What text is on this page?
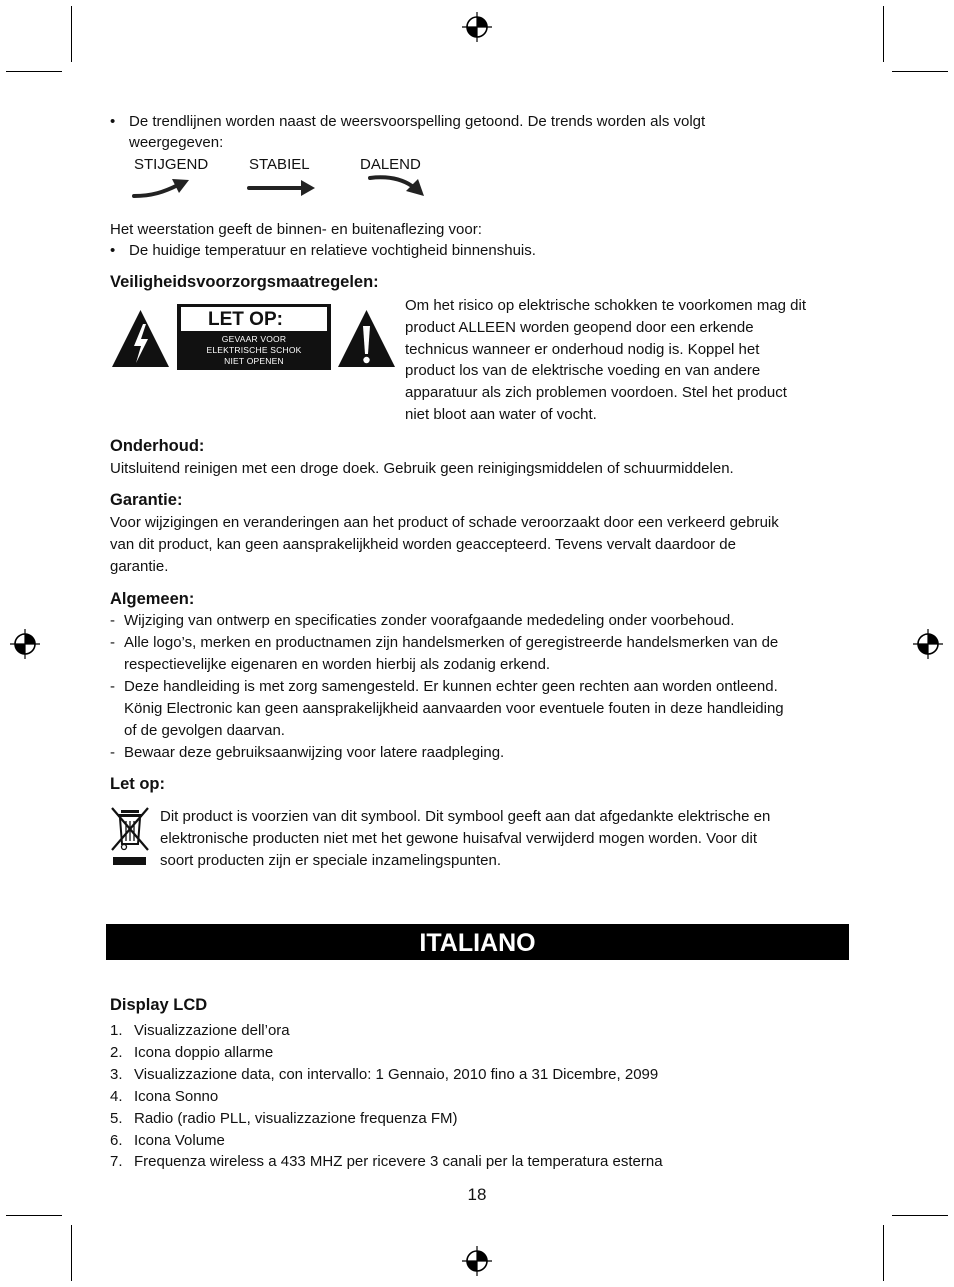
• De trendlijnen worden naast de weersvoorspelling getoond. De trends worden als volgt
weergegeven:
STIJGEND	STABIEL	DALEND
Het weerstation geeft de binnen- en buitenaflezing voor:
• De huidige temperatuur en relatieve vochtigheid binnenshuis.
Veiligheidsvoorzorgsmaatregelen:
LET OP:
GEVAAR VOOR
ELEKTRISCHE SCHOK
NIET OPENEN
Om het risico op elektrische schokken te voorkomen mag dit
product ALLEEN worden geopend door een erkende
technicus wanneer er onderhoud nodig is. Koppel het
product los van de elektrische voeding en van andere
apparatuur als zich problemen voordoen. Stel het product
niet bloot aan water of vocht.
Onderhoud:
Uitsluitend reinigen met een droge doek. Gebruik geen reinigingsmiddelen of schuurmiddelen.
Garantie:
Voor wijzigingen en veranderingen aan het product of schade veroorzaakt door een verkeerd gebruik
van dit product, kan geen aansprakelijkheid worden geaccepteerd. Tevens vervalt daardoor de
garantie.
Algemeen:
- Wijziging van ontwerp en specificaties zonder voorafgaande mededeling onder voorbehoud.
- Alle logo’s, merken en productnamen zijn handelsmerken of geregistreerde handelsmerken van de
respectievelijke eigenaren en worden hierbij als zodanig erkend.
- Deze handleiding is met zorg samengesteld. Er kunnen echter geen rechten aan worden ontleend.
König Electronic kan geen aansprakelijkheid aanvaarden voor eventuele fouten in deze handleiding
of de gevolgen daarvan.
- Bewaar deze gebruiksaanwijzing voor latere raadpleging.
Let op:
Dit product is voorzien van dit symbool. Dit symbool geeft aan dat afgedankte elektrische en
elektronische producten niet met het gewone huisafval verwijderd mogen worden. Voor dit
soort producten zijn er speciale inzamelingspunten.
ITALIANO
Display LCD
1. Visualizzazione dell’ora
2. Icona doppio allarme
3. Visualizzazione data, con intervallo: 1 Gennaio, 2010 fino a 31 Dicembre, 2099
4. Icona Sonno
5. Radio (radio PLL, visualizzazione frequenza FM)
6. Icona Volume
7. Frequenza wireless a 433 MHZ per ricevere 3 canali per la temperatura esterna
18
